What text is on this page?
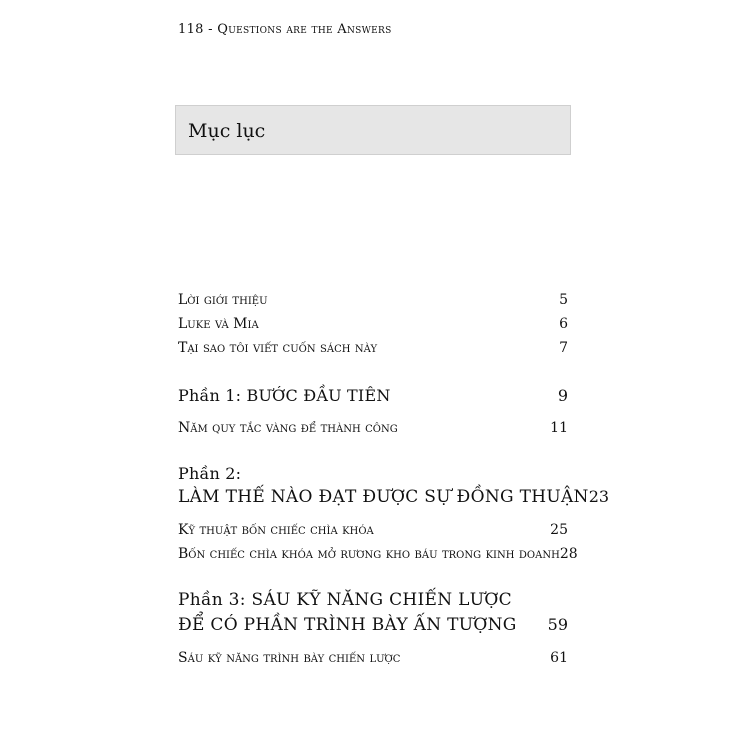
118 - Questions are the Answers
Mục lục
Lời giới thiệu	5
Luke và Mia	6
Tại sao tôi viết cuốn sách này	7
Phần 1: BƯỚC ĐẦU TIÊN	9
Năm quy tắc vàng để thành công	11
Phần 2:
LÀM THẾ NÀO ĐẠT ĐƯỢC SỰ ĐỒNG THUẬN 23
Kỹ thuật bốn chiếc chìa khóa	25
Bốn chiếc chìa khóa mở rương kho báu trong kinh doanh 28
Phần 3: SÁU KỸ NĂNG CHIẾN LƯỢC
ĐỂ CÓ PHẦN TRÌNH BÀY ẤN TƯỢNG 59
Sáu kỹ năng trình bày chiến lược	61
